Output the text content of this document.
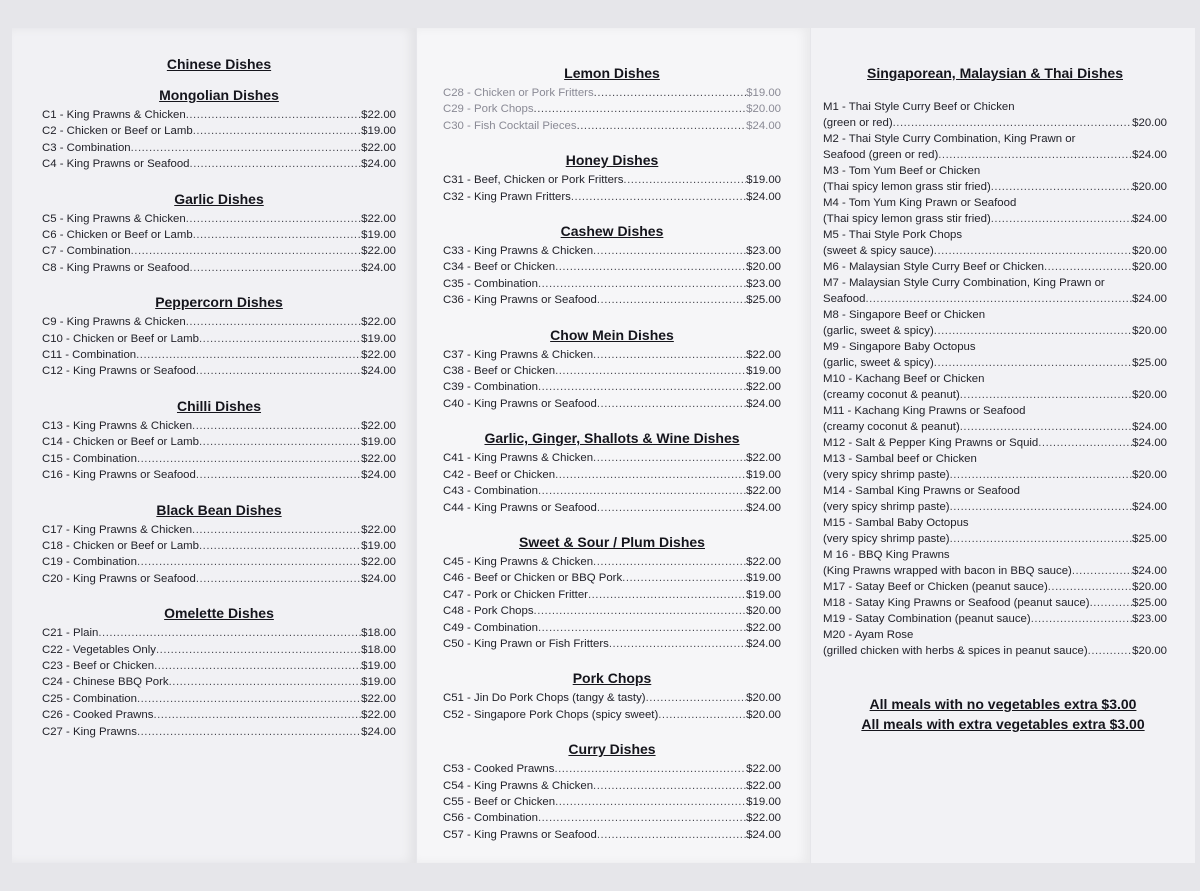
Chinese Dishes
Mongolian Dishes
C1 - King Prawns & Chicken .....	$22.00
C2 - Chicken or Beef or Lamb .....	$19.00
C3 - Combination .....	$22.00
C4 - King Prawns or Seafood .....	$24.00
Garlic Dishes
C5 - King Prawns & Chicken .....	$22.00
C6 - Chicken or Beef or Lamb .....	$19.00
C7 - Combination .....	$22.00
C8 - King Prawns or Seafood .....	$24.00
Peppercorn Dishes
C9 - King Prawns & Chicken .....	$22.00
C10 - Chicken or Beef or Lamb .....	$19.00
C11 - Combination .....	$22.00
C12 - King Prawns or Seafood .....	$24.00
Chilli Dishes
C13 - King Prawns & Chicken .....	$22.00
C14 - Chicken or Beef or Lamb .....	$19.00
C15 - Combination .....	$22.00
C16 - King Prawns or Seafood .....	$24.00
Black Bean Dishes
C17 - King Prawns & Chicken .....	$22.00
C18 - Chicken or Beef or Lamb .....	$19.00
C19 - Combination .....	$22.00
C20 - King Prawns or Seafood .....	$24.00
Omelette Dishes
C21 - Plain .....	$18.00
C22 - Vegetables Only .....	$18.00
C23 - Beef or Chicken .....	$19.00
C24 - Chinese BBQ Pork .....	$19.00
C25 - Combination .....	$22.00
C26 - Cooked Prawns .....	$22.00
C27 - King Prawns .....	$24.00
Lemon Dishes
C28 - Chicken or Pork Fritters .....	$19.00
C29 - Pork Chops .....	$20.00
C30 - Fish Cocktail Pieces .....	$24.00
Honey Dishes
C31 - Beef, Chicken or Pork Fritters .....	$19.00
C32 - King Prawn Fritters .....	$24.00
Cashew Dishes
C33 - King Prawns & Chicken .....	$23.00
C34 - Beef or Chicken .....	$20.00
C35 - Combination .....	$23.00
C36 - King Prawns or Seafood .....	$25.00
Chow Mein Dishes
C37 - King Prawns & Chicken .....	$22.00
C38 - Beef or Chicken .....	$19.00
C39 - Combination .....	$22.00
C40 - King Prawns or Seafood .....	$24.00
Garlic, Ginger, Shallots & Wine Dishes
C41 - King Prawns & Chicken .....	$22.00
C42 - Beef or Chicken .....	$19.00
C43 - Combination .....	$22.00
C44 - King Prawns or Seafood .....	$24.00
Sweet & Sour / Plum Dishes
C45 - King Prawns & Chicken .....	$22.00
C46 - Beef or Chicken or BBQ Pork .....	$19.00
C47 - Pork or Chicken Fritter .....	$19.00
C48 - Pork Chops .....	$20.00
C49 - Combination .....	$22.00
C50 - King Prawn or Fish Fritters .....	$24.00
Pork Chops
C51 - Jin Do Pork Chops (tangy & tasty) .....	$20.00
C52 - Singapore Pork Chops (spicy sweet) .....	$20.00
Curry Dishes
C53 - Cooked Prawns .....	$22.00
C54 - King Prawns & Chicken .....	$22.00
C55 - Beef or Chicken .....	$19.00
C56 - Combination .....	$22.00
C57 - King Prawns or Seafood .....	$24.00
Singaporean, Malaysian & Thai Dishes
M1 - Thai Style Curry Beef or Chicken
(green or red) .....	$20.00
M2 - Thai Style Curry Combination, King Prawn or
Seafood (green or red) .....	$24.00
M3 - Tom Yum Beef or Chicken
(Thai spicy lemon grass stir fried) .....	$20.00
M4 - Tom Yum King Prawn or Seafood
(Thai spicy lemon grass stir fried) .....	$24.00
M5 - Thai Style Pork Chops
(sweet & spicy sauce) .....	$20.00
M6 - Malaysian Style Curry Beef or Chicken .....	$20.00
M7 - Malaysian Style Curry Combination, King Prawn or
Seafood .....	$24.00
M8 - Singapore Beef or Chicken
(garlic, sweet & spicy) .....	$20.00
M9 - Singapore Baby Octopus
(garlic, sweet & spicy) .....	$25.00
M10 - Kachang Beef or Chicken
(creamy coconut & peanut) .....	$20.00
M11 - Kachang King Prawns or Seafood
(creamy coconut & peanut) .....	$24.00
M12 - Salt & Pepper King Prawns or Squid .....	$24.00
M13 - Sambal beef or Chicken
(very spicy shrimp paste) .....	$20.00
M14 - Sambal King Prawns or Seafood
(very spicy shrimp paste) .....	$24.00
M15 - Sambal Baby Octopus
(very spicy shrimp paste) .....	$25.00
M 16 - BBQ King Prawns
(King Prawns wrapped with bacon in BBQ sauce) .....	$24.00
M17 - Satay Beef or Chicken (peanut sauce) .....	$20.00
M18 - Satay King Prawns or Seafood (peanut sauce) .....	$25.00
M19 - Satay Combination (peanut sauce) .....	$23.00
M20 - Ayam Rose
(grilled chicken with herbs & spices in peanut sauce) .....	$20.00
All meals with no vegetables extra $3.00
All meals with extra vegetables extra $3.00
